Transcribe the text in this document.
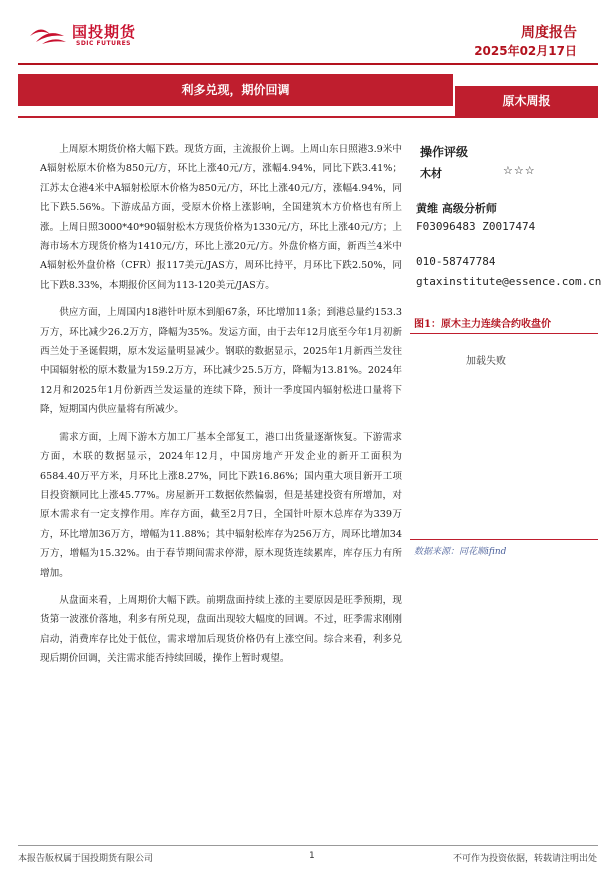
国投期货
SDIC FUTURES
周度报告
2025年02月17日
利多兑现，期价回调
原木周报

上周原木期货价格大幅下跌。现货方面，主流报价上调。上周山东日照港3.9米中A辐射松原木价格为850元/方，环比上涨40元/方，涨幅4.94%，同比下跌3.41%；江苏太仓港4米中A辐射松原木价格为850元/方，环比上涨40元/方，涨幅4.94%，同比下跌5.56%。下游成品方面，受原木价格上涨影响，全国建筑木方价格也有所上涨。上周日照3000*40*90辐射松木方现货价格为1330元/方，环比上涨40元/方；上海市场木方现货价格为1410元/方，环比上涨20元/方。外盘价格方面，新西兰4米中A辐射松外盘价格（CFR）报117美元/JAS方，周环比持平，月环比下跌2.50%，同比下跌8.33%，本期报价区间为113-120美元/JAS方。

供应方面，上周国内18港针叶原木到船67条，环比增加11条；到港总量约153.3万方，环比减少26.2万方，降幅为35%。发运方面，由于去年12月底至今年1月初新西兰处于圣诞假期，原木发运量明显减少。钢联的数据显示，2025年1月新西兰发往中国辐射松的原木数量为159.2万方，环比减少25.5万方，降幅为13.81%。2024年12月和2025年1月份新西兰发运量的连续下降，预计一季度国内辐射松进口量将下降，短期国内供应量将有所减少。

需求方面，上周下游木方加工厂基本全部复工，港口出货量逐渐恢复。下游需求方面，木联的数据显示，2024年12月，中国房地产开发企业的新开工面积为6584.40万平方米，月环比上涨8.27%，同比下跌16.86%；国内重大项目新开工项目投资额同比上涨45.77%。房屋新开工数据依然偏弱，但是基建投资有所增加，对原木需求有一定支撑作用。库存方面，截至2月7日，全国针叶原木总库存为339万方，环比增加36万方，增幅为11.88%；其中辐射松库存为256万方，周环比增加34万方，增幅为15.32%。由于春节期间需求停滞，原木现货连续累库，库存压力有所增加。

从盘面来看，上周期价大幅下跌。前期盘面持续上涨的主要原因是旺季预期，现货第一波涨价落地，利多有所兑现，盘面出现较大幅度的回调。不过，旺季需求刚刚启动，消费库存比处于低位，需求增加后现货价格仍有上涨空间。综合来看，利多兑现后期价回调，关注需求能否持续回暖，操作上暂时观望。

操作评级
木材	☆☆☆
黄维 高级分析师
F03096483 Z0017474
010-58747784
gtaxinstitute@essence.com.cn
图1：原木主力连续合约收盘价
加载失败
数据来源：同花顺ifind
本报告版权属于国投期货有限公司	1	不可作为投资依据，转载请注明出处
